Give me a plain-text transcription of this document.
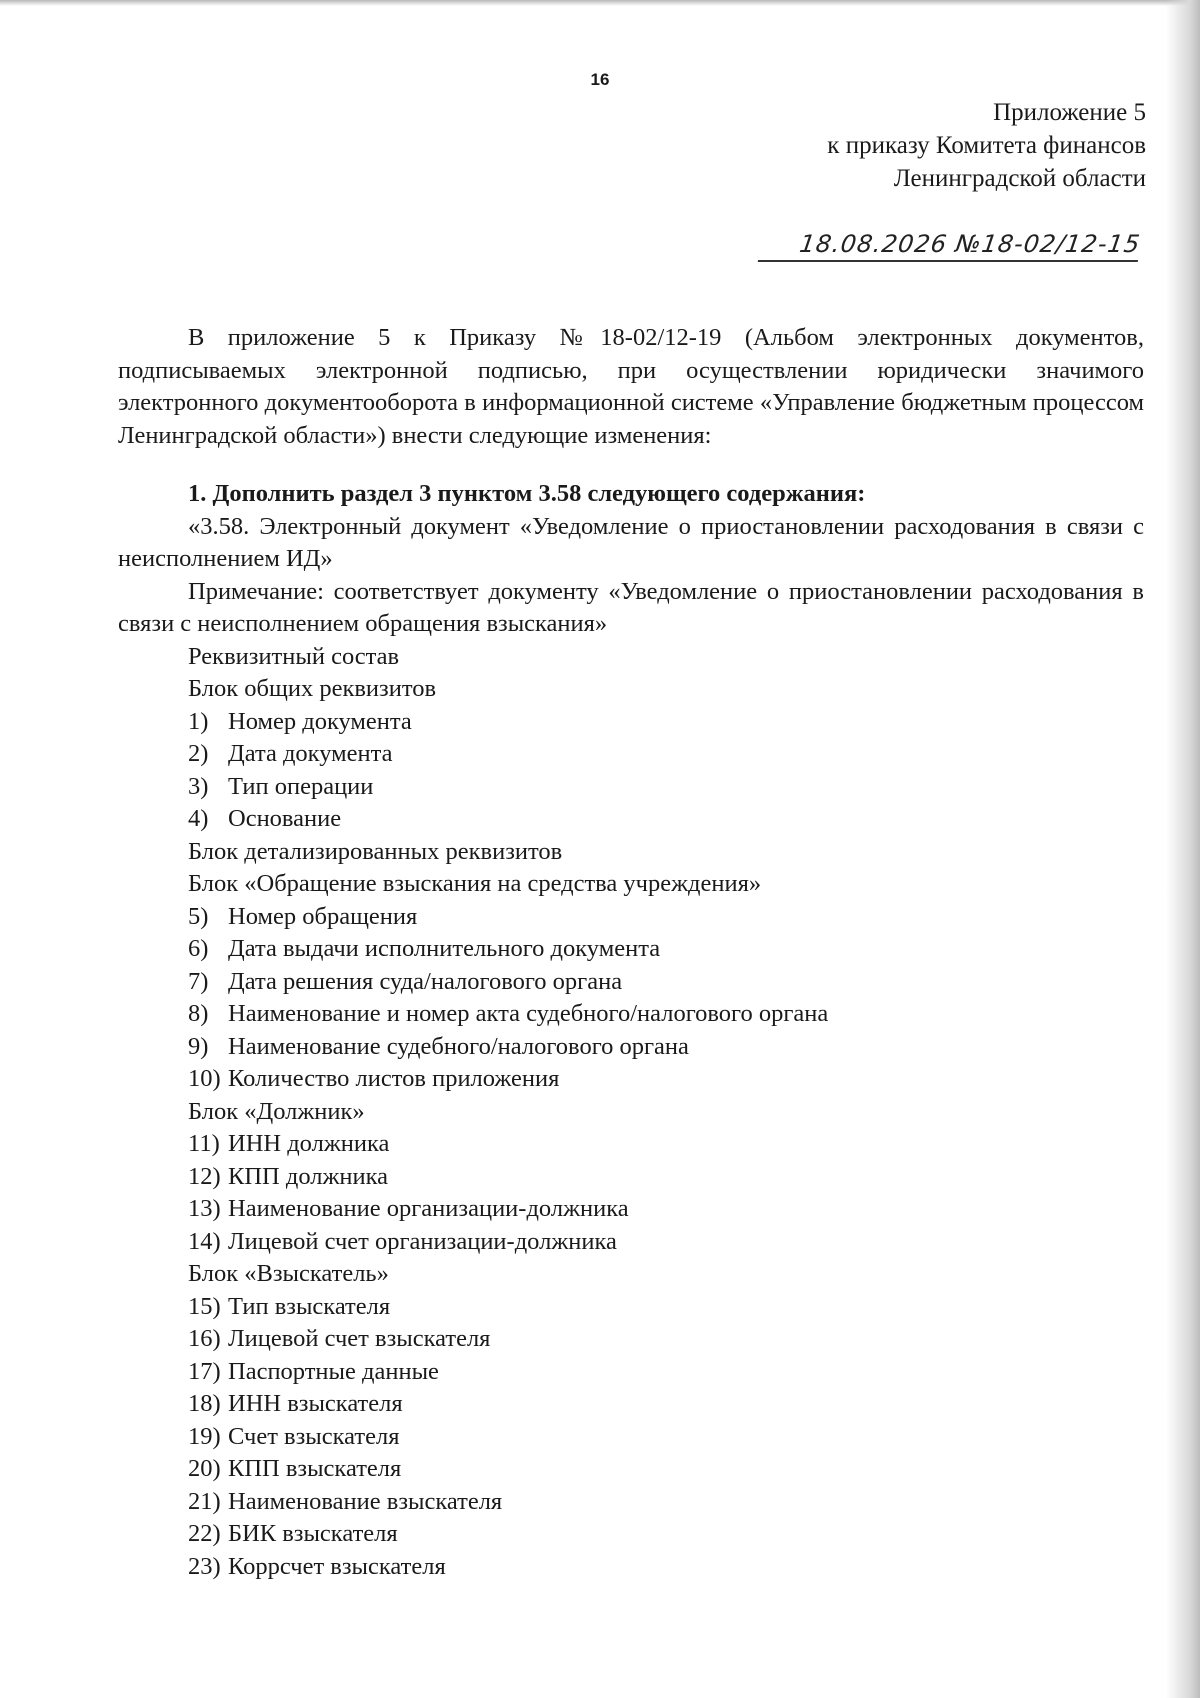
16
Приложение 5
к приказу Комитета финансов
Ленинградской области
18.08.2026 №18-02/12-15

В приложение 5 к Приказу №18-02/12-19 (Альбом электронных документов, подписываемых электронной подписью, при осуществлении юридически значимого электронного документооборота в информационной системе «Управление бюджетным процессом Ленинградской области») внести следующие изменения:

1. Дополнить раздел 3 пунктом 3.58 следующего содержания:

«3.58. Электронный документ «Уведомление о приостановлении расходования в связи с неисполнением ИД»

Примечание: соответствует документу «Уведомление о приостановлении расходования в связи с неисполнением обращения взыскания»

Реквизитный состав
Блок общих реквизитов
1) Номер документа
2) Дата документа
3) Тип операции
4) Основание
Блок детализированных реквизитов
Блок «Обращение взыскания на средства учреждения»
5) Номер обращения
6) Дата выдачи исполнительного документа
7) Дата решения суда/налогового органа
8) Наименование и номер акта судебного/налогового органа
9) Наименование судебного/налогового органа
10) Количество листов приложения
Блок «Должник»
11) ИНН должника
12) КПП должника
13) Наименование организации-должника
14) Лицевой счет организации-должника
Блок «Взыскатель»
15) Тип взыскателя
16) Лицевой счет взыскателя
17) Паспортные данные
18) ИНН взыскателя
19) Счет взыскателя
20) КПП взыскателя
21) Наименование взыскателя
22) БИК взыскателя
23) Коррсчет взыскателя
